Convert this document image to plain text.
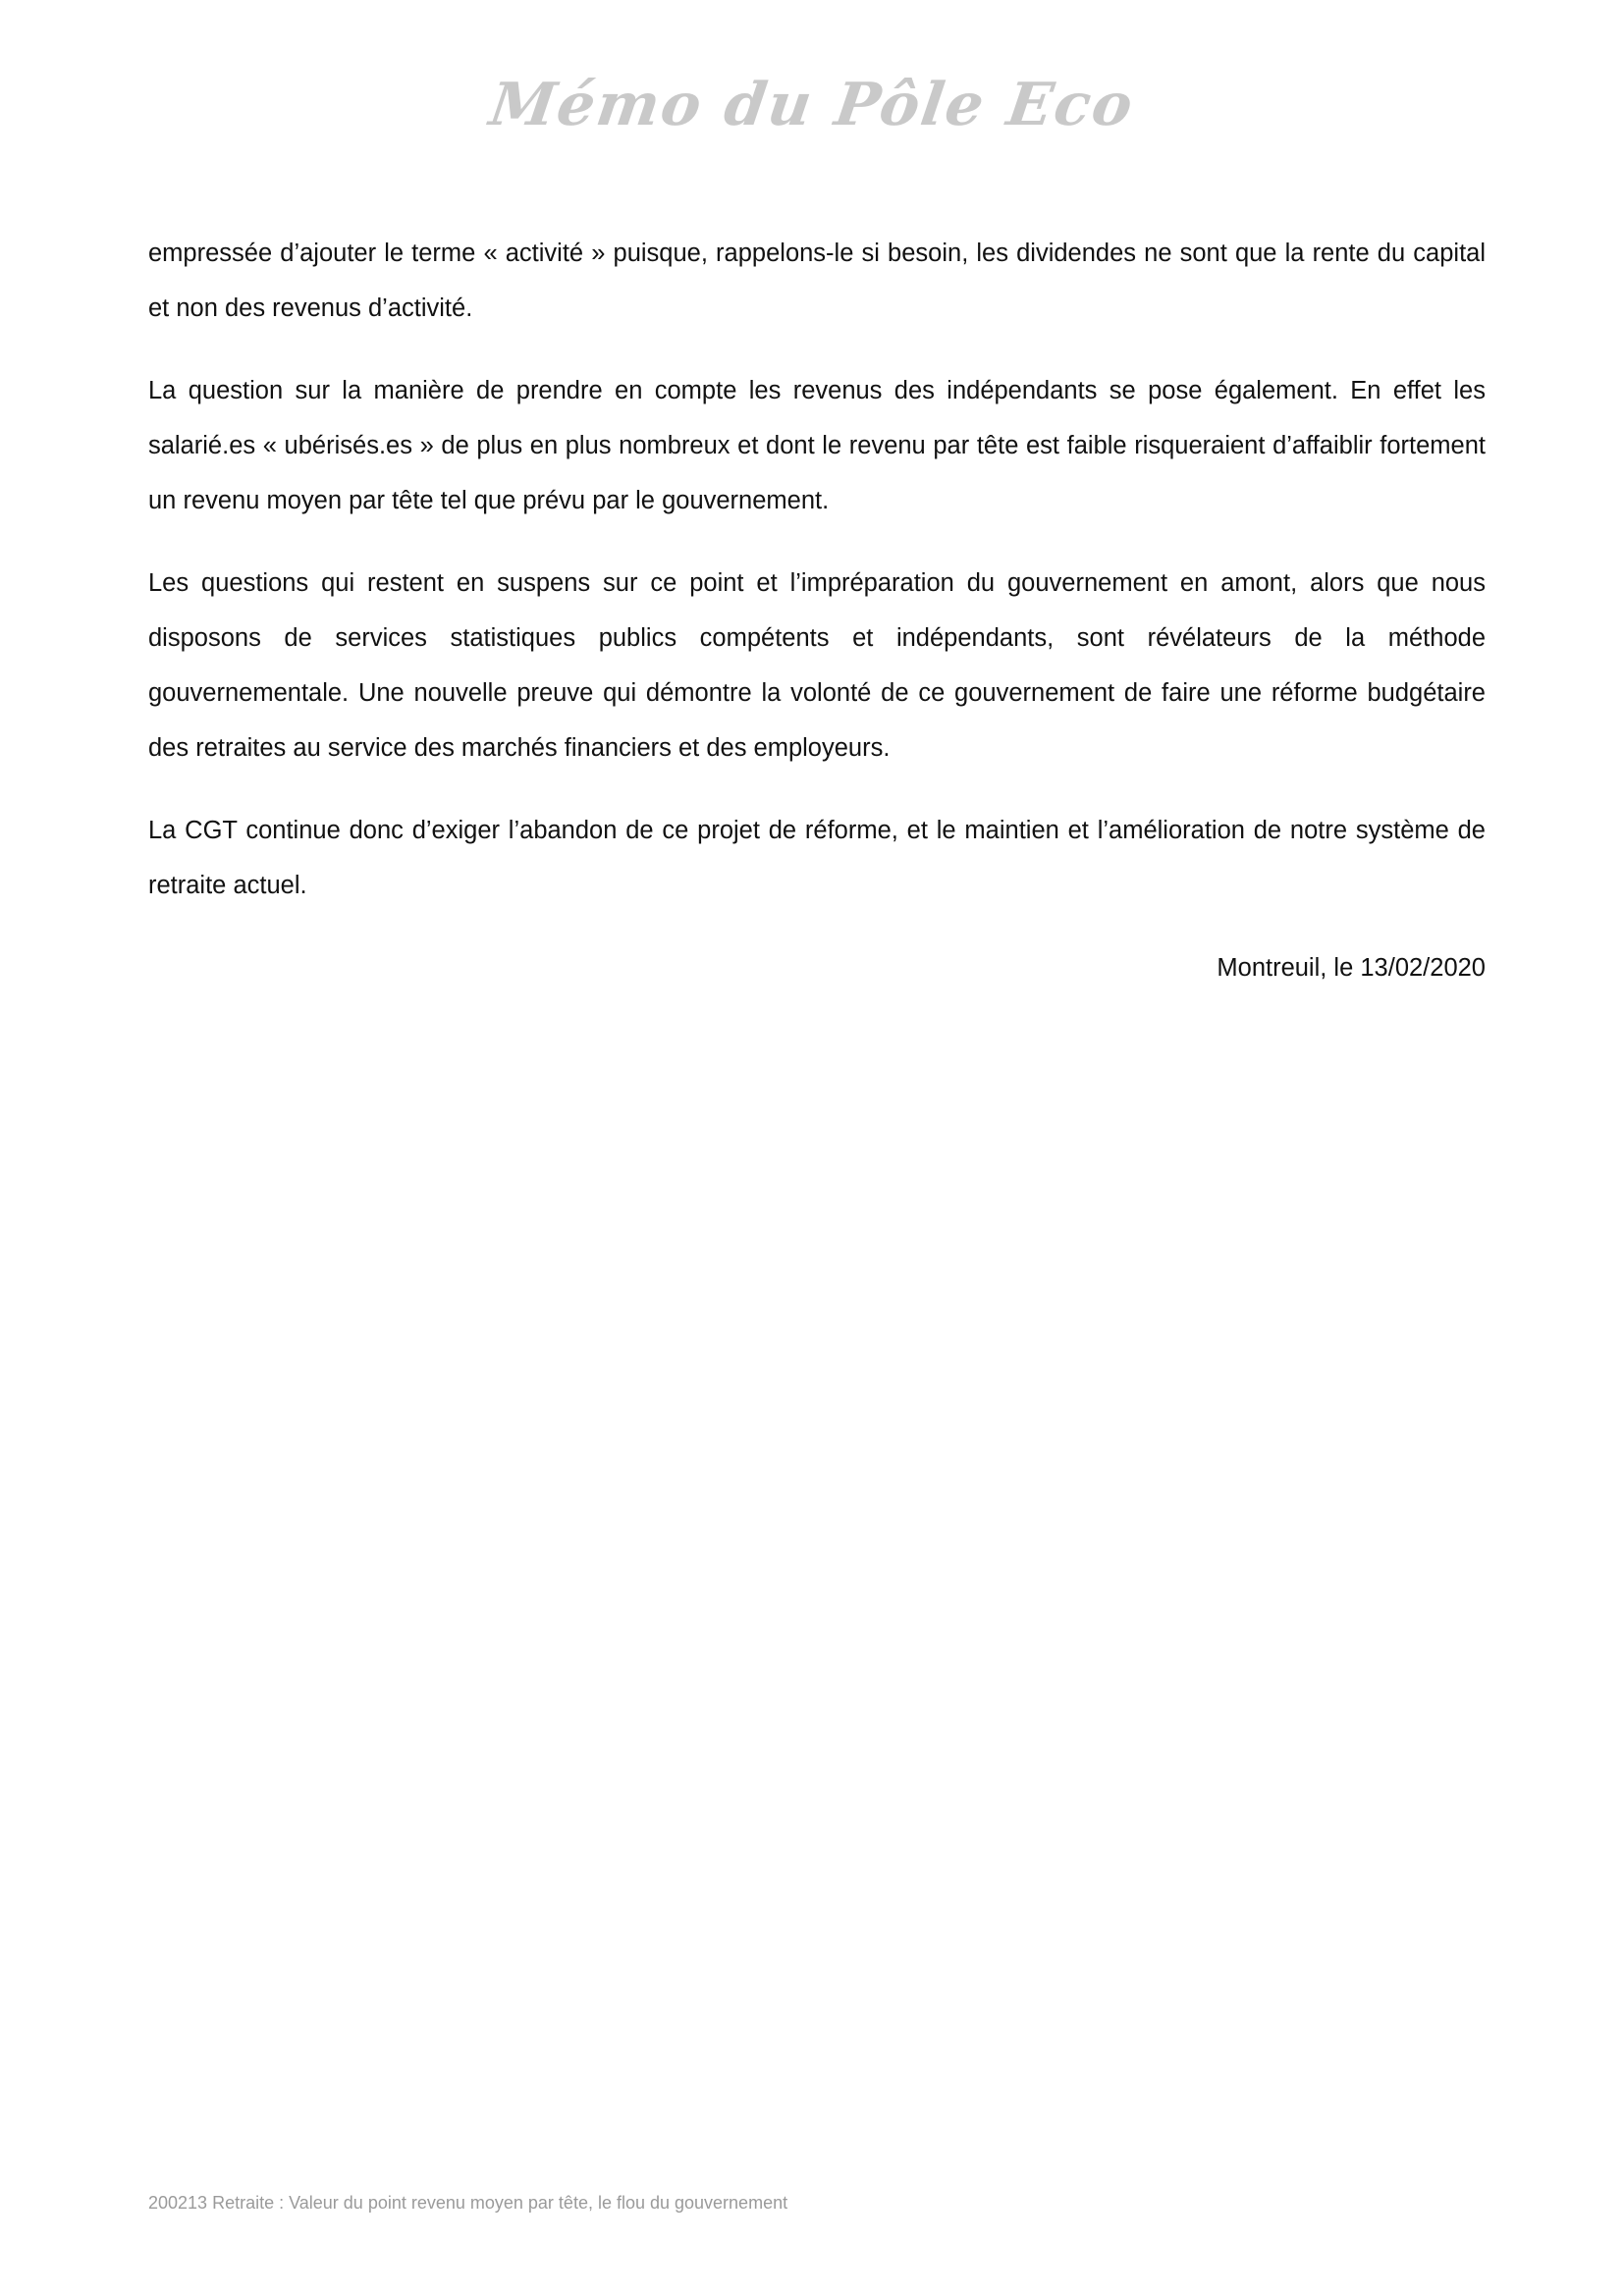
Mémo du Pôle Eco

empressée d’ajouter le terme « activité » puisque, rappelons-le si besoin, les dividendes ne sont que la rente du capital et non des revenus d’activité.

La question sur la manière de prendre en compte les revenus des indépendants se pose également. En effet les salarié.es « ubérisés.es » de plus en plus nombreux et dont le revenu par tête est faible risqueraient d’affaiblir fortement un revenu moyen par tête tel que prévu par le gouvernement.

Les questions qui restent en suspens sur ce point et l’impréparation du gouvernement en amont, alors que nous disposons de services statistiques publics compétents et indépendants, sont révélateurs de la méthode gouvernementale. Une nouvelle preuve qui démontre la volonté de ce gouvernement de faire une réforme budgétaire des retraites au service des marchés financiers et des employeurs.

La CGT continue donc d’exiger l’abandon de ce projet de réforme, et le maintien et l’amélioration de notre système de retraite actuel.

Montreuil, le 13/02/2020

200213 Retraite : Valeur du point revenu moyen par tête, le flou du gouvernement
